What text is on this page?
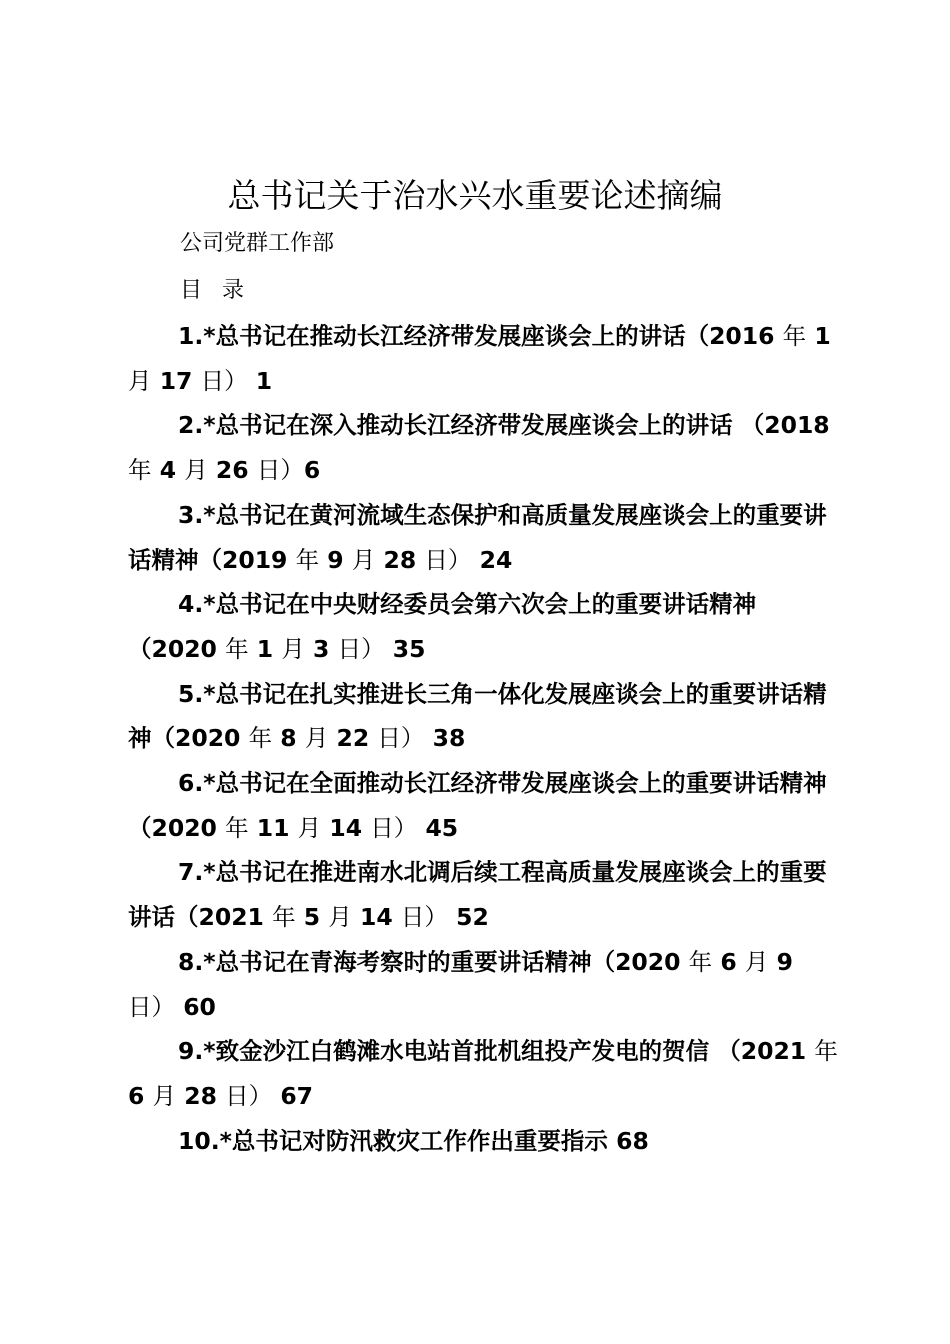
总书记关于治水兴水重要论述摘编
公司党群工作部
目 录
1.*总书记在推动长江经济带发展座谈会上的讲话（2016 年 1 月 17 日） 1
2.*总书记在深入推动长江经济带发展座谈会上的讲话 （2018 年 4 月 26 日）6
3.*总书记在黄河流域生态保护和高质量发展座谈会上的重要讲话精神（2019 年 9 月 28 日） 24
4.*总书记在中央财经委员会第六次会上的重要讲话精神 （2020 年 1 月 3 日） 35
5.*总书记在扎实推进长三角一体化发展座谈会上的重要讲话精神（2020 年 8 月 22 日） 38
6.*总书记在全面推动长江经济带发展座谈会上的重要讲话精神（2020 年 11 月 14 日） 45
7.*总书记在推进南水北调后续工程高质量发展座谈会上的重要讲话（2021 年 5 月 14 日） 52
8.*总书记在青海考察时的重要讲话精神（2020 年 6 月 9 日） 60
9.*致金沙江白鹤滩水电站首批机组投产发电的贺信 （2021 年 6 月 28 日） 67
10.*总书记对防汛救灾工作作出重要指示 68
